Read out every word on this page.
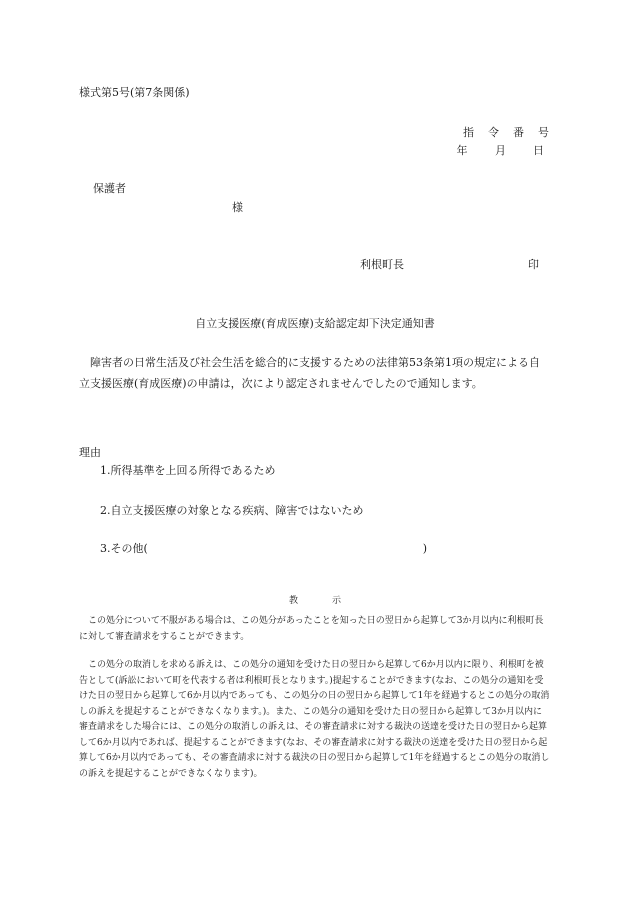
様式第5号(第7条関係)
指 令 番 号
年	月 日
保護者
様
利根町長	印
自立支援医療(育成医療)支給認定却下決定通知書
障害者の日常生活及び社会生活を総合的に支援するための法律第53条第1項の規定による自立支援医療(育成医療)の申請は，次により認定されませんでしたので通知します。
理由
1.所得基準を上回る所得であるため
2.自立支援医療の対象となる疾病、障害ではないため
3.その他(　　　　　　　　　　　　　　　　　　　　　　　　　)
教	示
この処分について不服がある場合は、この処分があったことを知った日の翌日から起算して3か月以内に利根町長に対して審査請求をすることができます。
この処分の取消しを求める訴えは、この処分の通知を受けた日の翌日から起算して6か月以内に限り、利根町を被告として(訴訟において町を代表する者は利根町長となります。)提起することができます(なお、この処分の通知を受けた日の翌日から起算して6か月以内であっても、この処分の日の翌日から起算して1年を経過するとこの処分の取消しの訴えを提起することができなくなります。)。また、この処分の通知を受けた日の翌日から起算して3か月以内に審査請求をした場合には、この処分の取消しの訴えは、その審査請求に対する裁決の送達を受けた日の翌日から起算して6か月以内であれば、提起することができます(なお、その審査請求に対する裁決の送達を受けた日の翌日から起算して6か月以内であっても、その審査請求に対する裁決の日の翌日から起算して1年を経過するとこの処分の取消しの訴えを提起することができなくなります)。
